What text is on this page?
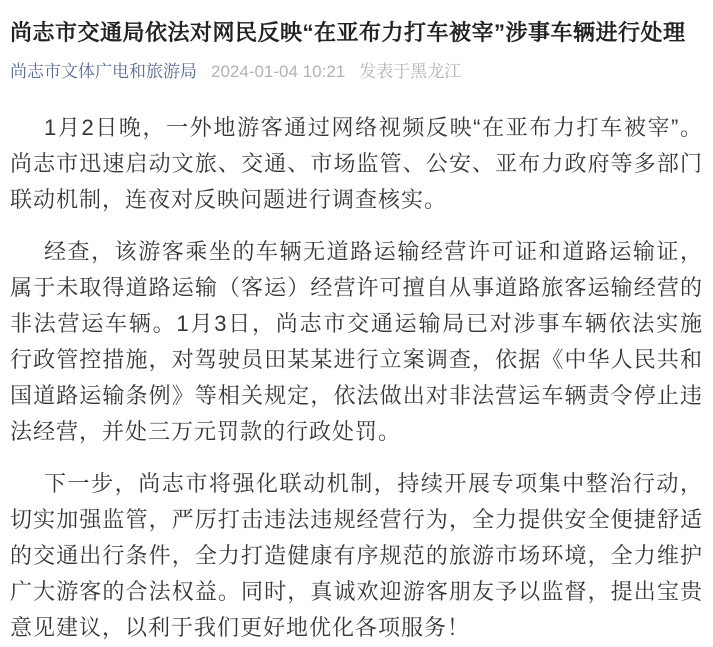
尚志市交通局依法对网民反映“在亚布力打车被宰”涉事车辆进行处理
尚志市文体广电和旅游局 2024-01-04 10:21 发表于黑龙江

1月2日晚，一外地游客通过网络视频反映“在亚布力打车被宰”。尚志市迅速启动文旅、交通、市场监管、公安、亚布力政府等多部门联动机制，连夜对反映问题进行调查核实。

经查，该游客乘坐的车辆无道路运输经营许可证和道路运输证，属于未取得道路运输（客运）经营许可擅自从事道路旅客运输经营的非法营运车辆。1月3日，尚志市交通运输局已对涉事车辆依法实施行政管控措施，对驾驶员田某某进行立案调查，依据《中华人民共和国道路运输条例》等相关规定，依法做出对非法营运车辆责令停止违法经营，并处三万元罚款的行政处罚。

下一步，尚志市将强化联动机制，持续开展专项集中整治行动，切实加强监管，严厉打击违法违规经营行为，全力提供安全便捷舒适的交通出行条件，全力打造健康有序规范的旅游市场环境，全力维护广大游客的合法权益。同时，真诚欢迎游客朋友予以监督，提出宝贵意见建议，以利于我们更好地优化各项服务！
